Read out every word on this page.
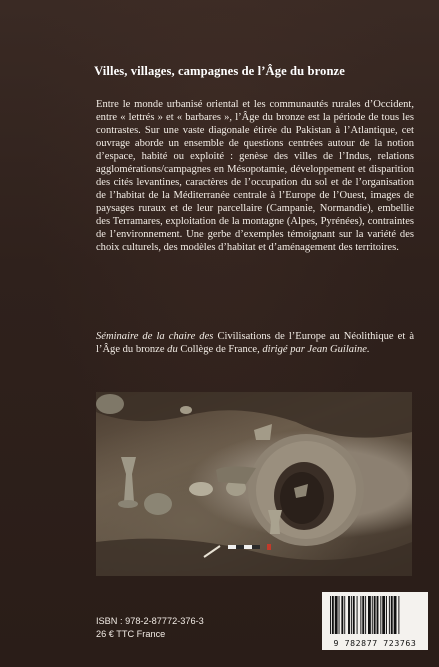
Villes, villages, campagnes de l’Âge du bronze

Entre le monde urbanisé oriental et les communautés rurales d’Occident, entre « lettrés » et « barbares », l’Âge du bronze est la période de tous les contrastes. Sur une vaste diagonale étirée du Pakistan à l’Atlantique, cet ouvrage aborde un ensemble de questions centrées autour de la notion d’espace, habité ou exploité : genèse des villes de l’Indus, relations agglomérations/campagnes en Mésopotamie, développement et disparition des cités levantines, caractères de l’occupation du sol et de l’organisation de l’habitat de la Méditerranée centrale à l’Europe de l’Ouest, images de paysages ruraux et de leur parcellaire (Campanie, Normandie), embellie des Terramares, exploitation de la montagne (Alpes, Pyrénées), contraintes de l’environnement. Une gerbe d’exemples témoignant sur la variété des choix culturels, des modèles d’habitat et d’aménagement des territoires.

Séminaire de la chaire des Civilisations de l’Europe au Néolithique et à l’Âge du bronze du Collège de France, dirigé par Jean Guilaine.
ISBN : 978-2-87772-376-3
26 € TTC France
9 782877 723763
